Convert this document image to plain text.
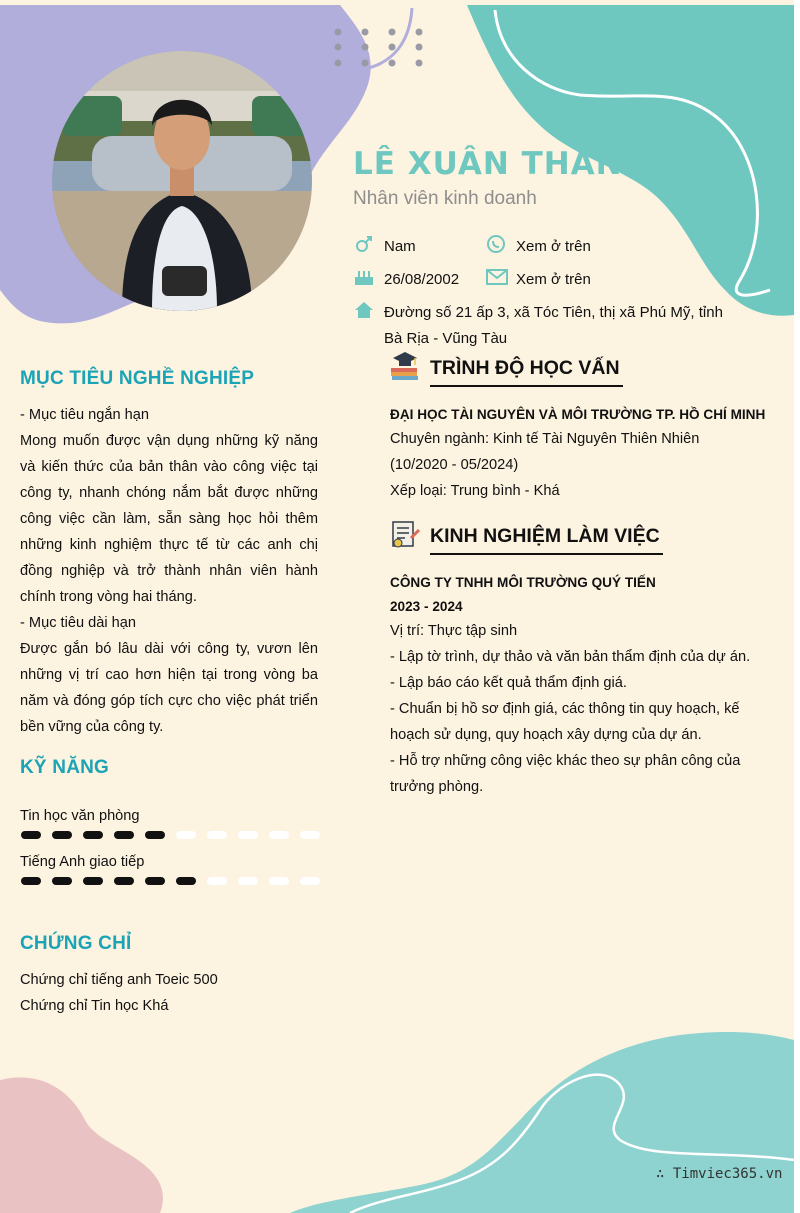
LÊ XUÂN THÀNH
Nhân viên kinh doanh
Nam	Xem ở trên
26/08/2002	Xem ở trên
Đường số 21 ấp 3, xã Tóc Tiên, thị xã Phú Mỹ, tỉnh
Bà Rịa - Vũng Tàu
MỤC TIÊU NGHỀ NGHIỆP
- Mục tiêu ngắn hạn
Mong muốn được vận dụng những kỹ năng và kiến thức của bản thân vào công việc tại công ty, nhanh chóng nắm bắt được những công việc cần làm, sẵn sàng học hỏi thêm những kinh nghiệm thực tế từ các anh chị đồng nghiệp và trở thành nhân viên hành chính trong vòng hai tháng.
- Mục tiêu dài hạn
Được gắn bó lâu dài với công ty, vươn lên những vị trí cao hơn hiện tại trong vòng ba năm và đóng góp tích cực cho việc phát triển bền vững của công ty.
KỸ NĂNG
Tin học văn phòng
Tiếng Anh giao tiếp
CHỨNG CHỈ
Chứng chỉ tiếng anh Toeic 500
Chứng chỉ Tin học Khá
TRÌNH ĐỘ HỌC VẤN
ĐẠI HỌC TÀI NGUYÊN VÀ MÔI TRƯỜNG TP. HỒ CHÍ MINH
Chuyên ngành: Kinh tế Tài Nguyên Thiên Nhiên
(10/2020 - 05/2024)
Xếp loại: Trung bình - Khá
KINH NGHIỆM LÀM VIỆC
CÔNG TY TNHH MÔI TRƯỜNG QUÝ TIẾN
2023 - 2024
Vị trí: Thực tập sinh
- Lập tờ trình, dự thảo và văn bản thẩm định của dự án.
- Lập báo cáo kết quả thẩm định giá.
- Chuẩn bị hồ sơ định giá, các thông tin quy hoạch, kế
hoạch sử dụng, quy hoạch xây dựng của dự án.
- Hỗ trợ những công việc khác theo sự phân công của
trưởng phòng.
∴ Timviec365.vn
